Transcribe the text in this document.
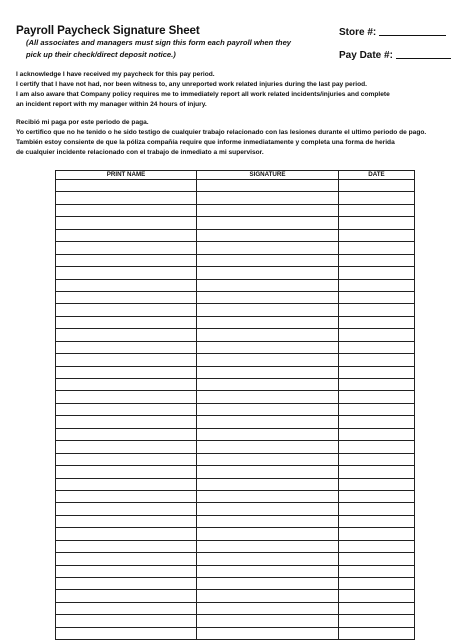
Payroll Paycheck Signature Sheet
(All associates and managers must sign this form each payroll when they
pick up their check/direct deposit notice.)
Store #:
Pay Date #:
I acknowledge I have received my paycheck for this pay period.
I certify that I have not had, nor been witness to, any unreported work related injuries during the last pay period.
I am also aware that Company policy requires me to immediately report all work related incidents/injuries and complete
an incident report with my manager within 24 hours of injury.
Recibió mi paga por este periodo de paga.
Yo certifico que no he tenido o he sido testigo de cualquier trabajo relacionado con las lesiones durante el ultimo periodo de pago.
También estoy consiente de que la póliza compañía require que informe inmediatamente y completa una forma de herida
de cualquier incidente relacionado con el trabajo de inmediato a mi supervisor.
PRINT NAME	SIGNATURE	DATE
